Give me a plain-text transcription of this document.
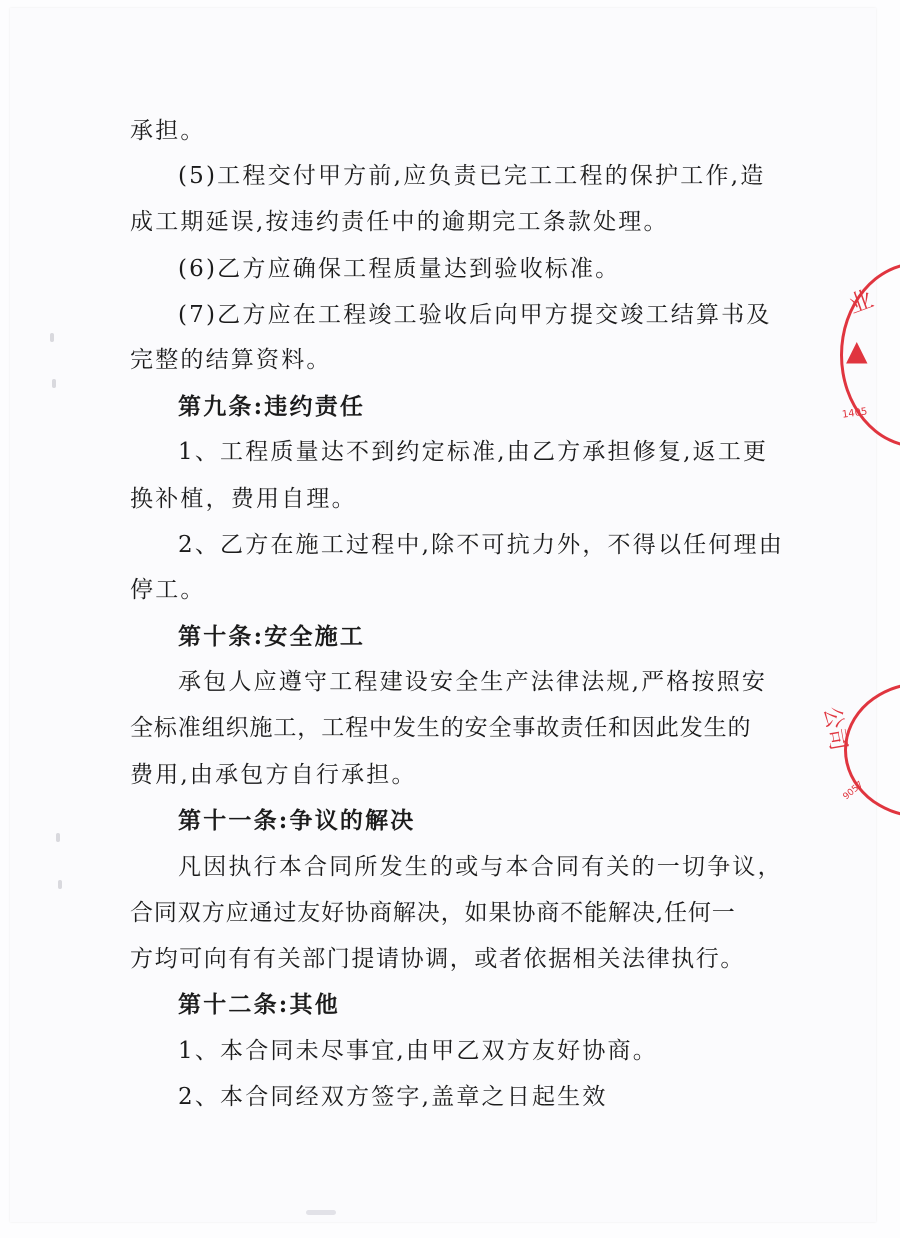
承担。
(5)工程交付甲方前,应负责已完工工程的保护工作,造
成工期延误,按违约责任中的逾期完工条款处理。
(6)乙方应确保工程质量达到验收标准。
(7)乙方应在工程竣工验收后向甲方提交竣工结算书及
完整的结算资料。
第九条:违约责任
1、工程质量达不到约定标准,由乙方承担修复,返工更
换补植，费用自理。
2、乙方在施工过程中,除不可抗力外，不得以任何理由
停工。
第十条:安全施工
承包人应遵守工程建设安全生产法律法规,严格按照安
全标准组织施工，工程中发生的安全事故责任和因此发生的
费用,由承包方自行承担。
第十一条:争议的解决
凡因执行本合同所发生的或与本合同有关的一切争议，
合同双方应通过友好协商解决，如果协商不能解决,任何一
方均可向有有关部门提请协调，或者依据相关法律执行。
第十二条:其他
1、本合同未尽事宜,由甲乙双方友好协商。
2、本合同经双方签字,盖章之日起生效
业
▲
1405
公司
9057
